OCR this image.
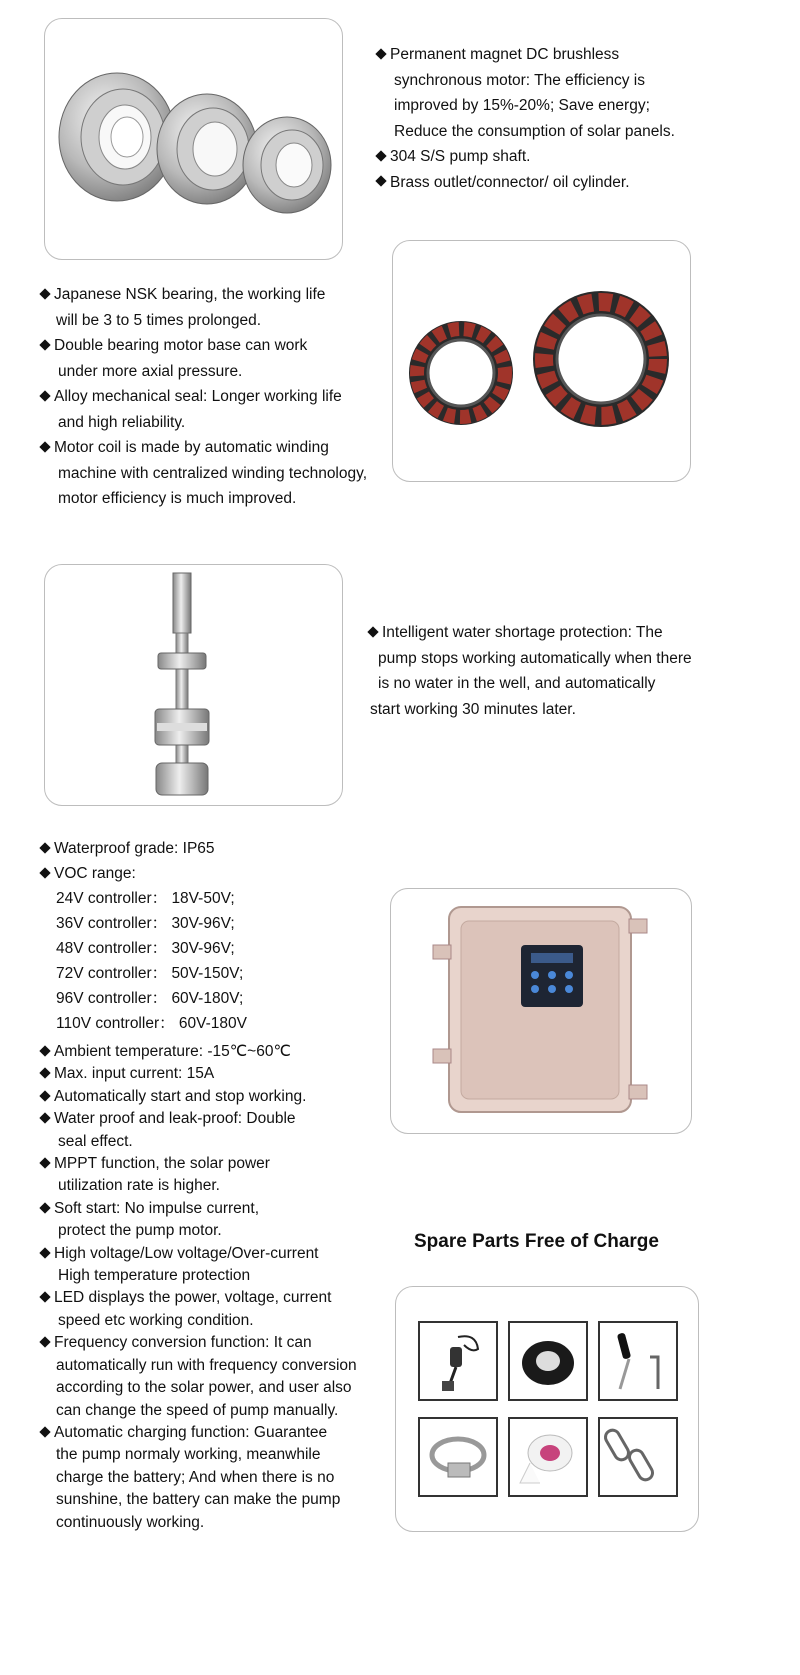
Permanent magnet DC brushless
synchronous motor: The efficiency is
improved by 15%-20%; Save energy;
Reduce the consumption of solar panels.
304 S/S pump shaft.
Brass outlet/connector/ oil cylinder.
Japanese NSK bearing, the working life
will be 3 to 5 times prolonged.
Double bearing motor base can work
under more axial pressure.
Alloy mechanical seal: Longer working life
and high reliability.
Motor coil is made by automatic winding
machine with centralized winding technology,
motor efficiency is much improved.
Intelligent water shortage protection: The
pump stops working automatically when there
is no water in the well, and automatically
start working 30 minutes later.
Waterproof grade: IP65
VOC range:
24V controller： 18V-50V;
36V controller： 30V-96V;
48V controller： 30V-96V;
72V controller： 50V-150V;
96V controller： 60V-180V;
110V controller： 60V-180V
Ambient temperature: -15℃~60℃
Max. input current: 15A
Automatically start and stop working.
Water proof and leak-proof: Double
seal effect.
MPPT function, the solar power
utilization rate is higher.
Soft start: No impulse current,
protect the pump motor.
High voltage/Low voltage/Over-current
High temperature protection
LED displays the power, voltage, current
speed etc working condition.
Frequency conversion function: It can
automatically run with frequency conversion
according to the solar power, and user also
can change the speed of pump manually.
Automatic charging function: Guarantee
the pump normaly working, meanwhile
charge the battery; And when there is no
sunshine, the battery can make the pump
continuously working.
Spare Parts Free of Charge
